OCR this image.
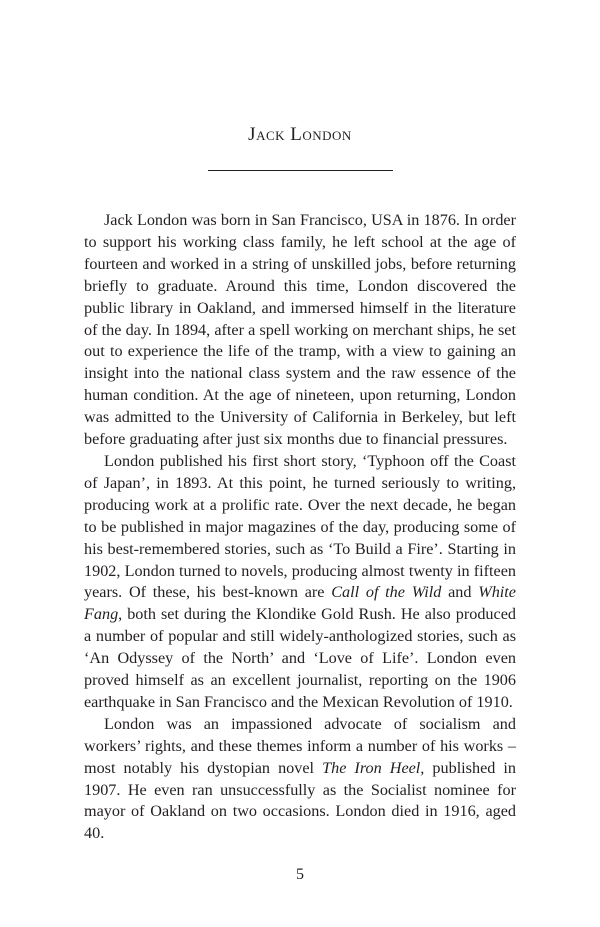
Jack London

Jack London was born in San Francisco, USA in 1876. In order to support his working class family, he left school at the age of fourteen and worked in a string of unskilled jobs, before returning briefly to graduate. Around this time, London discovered the public library in Oakland, and immersed himself in the literature of the day. In 1894, after a spell working on merchant ships, he set out to experience the life of the tramp, with a view to gaining an insight into the national class system and the raw essence of the human condition. At the age of nineteen, upon returning, London was admitted to the University of California in Berkeley, but left before graduating after just six months due to financial pressures.

London published his first short story, ‘Typhoon off the Coast of Japan’, in 1893. At this point, he turned seriously to writing, producing work at a prolific rate. Over the next decade, he began to be published in major magazines of the day, producing some of his best-remembered stories, such as ‘To Build a Fire’. Starting in 1902, London turned to novels, producing almost twenty in fifteen years. Of these, his best-known are Call of the Wild and White Fang, both set during the Klondike Gold Rush. He also produced a number of popular and still widely-anthologized stories, such as ‘An Odyssey of the North’ and ‘Love of Life’. London even proved himself as an excellent journalist, reporting on the 1906 earthquake in San Francisco and the Mexican Revolution of 1910.

London was an impassioned advocate of socialism and workers’ rights, and these themes inform a number of his works – most notably his dystopian novel The Iron Heel, published in 1907. He even ran unsuccessfully as the Socialist nominee for mayor of Oakland on two occasions. London died in 1916, aged 40.

5
